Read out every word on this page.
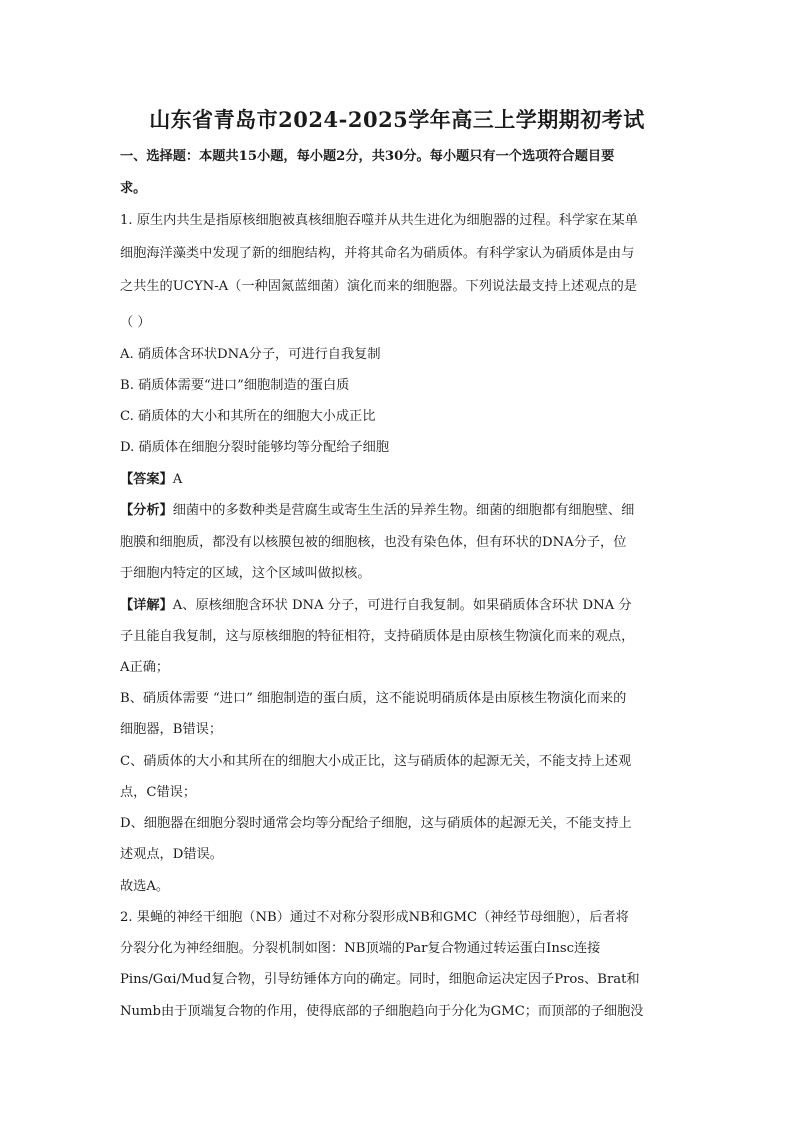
山东省青岛市2024-2025学年高三上学期期初考试
一、选择题：本题共15小题，每小题2分，共30分。每小题只有一个选项符合题目要
求。
1. 原生内共生是指原核细胞被真核细胞吞噬并从共生进化为细胞器的过程。科学家在某单
细胞海洋藻类中发现了新的细胞结构，并将其命名为硝质体。有科学家认为硝质体是由与
之共生的UCYN-A（一种固氮蓝细菌）演化而来的细胞器。下列说法最支持上述观点的是
（ ）
A. 硝质体含环状DNA分子，可进行自我复制
B. 硝质体需要“进口”细胞制造的蛋白质
C. 硝质体的大小和其所在的细胞大小成正比
D. 硝质体在细胞分裂时能够均等分配给子细胞
【答案】A
【分析】细菌中的多数种类是营腐生或寄生生活的异养生物。细菌的细胞都有细胞壁、细
胞膜和细胞质，都没有以核膜包被的细胞核，也没有染色体，但有环状的DNA分子，位
于细胞内特定的区域，这个区域叫做拟核。
【详解】A、原核细胞含环状 DNA 分子，可进行自我复制。如果硝质体含环状 DNA 分
子且能自我复制，这与原核细胞的特征相符，支持硝质体是由原核生物演化而来的观点，
A正确；
B、硝质体需要 “进口” 细胞制造的蛋白质，这不能说明硝质体是由原核生物演化而来的
细胞器，B错误；
C、硝质体的大小和其所在的细胞大小成正比，这与硝质体的起源无关，不能支持上述观
点，C错误；
D、细胞器在细胞分裂时通常会均等分配给子细胞，这与硝质体的起源无关，不能支持上
述观点，D错误。
故选A。
2. 果蝇的神经干细胞（NB）通过不对称分裂形成NB和GMC（神经节母细胞），后者将
分裂分化为神经细胞。分裂机制如图：NB顶端的Par复合物通过转运蛋白Insc连接
Pins/Gαi/Mud复合物，引导纺锤体方向的确定。同时，细胞命运决定因子Pros、Brat和
Numb由于顶端复合物的作用，使得底部的子细胞趋向于分化为GMC；而顶部的子细胞没
